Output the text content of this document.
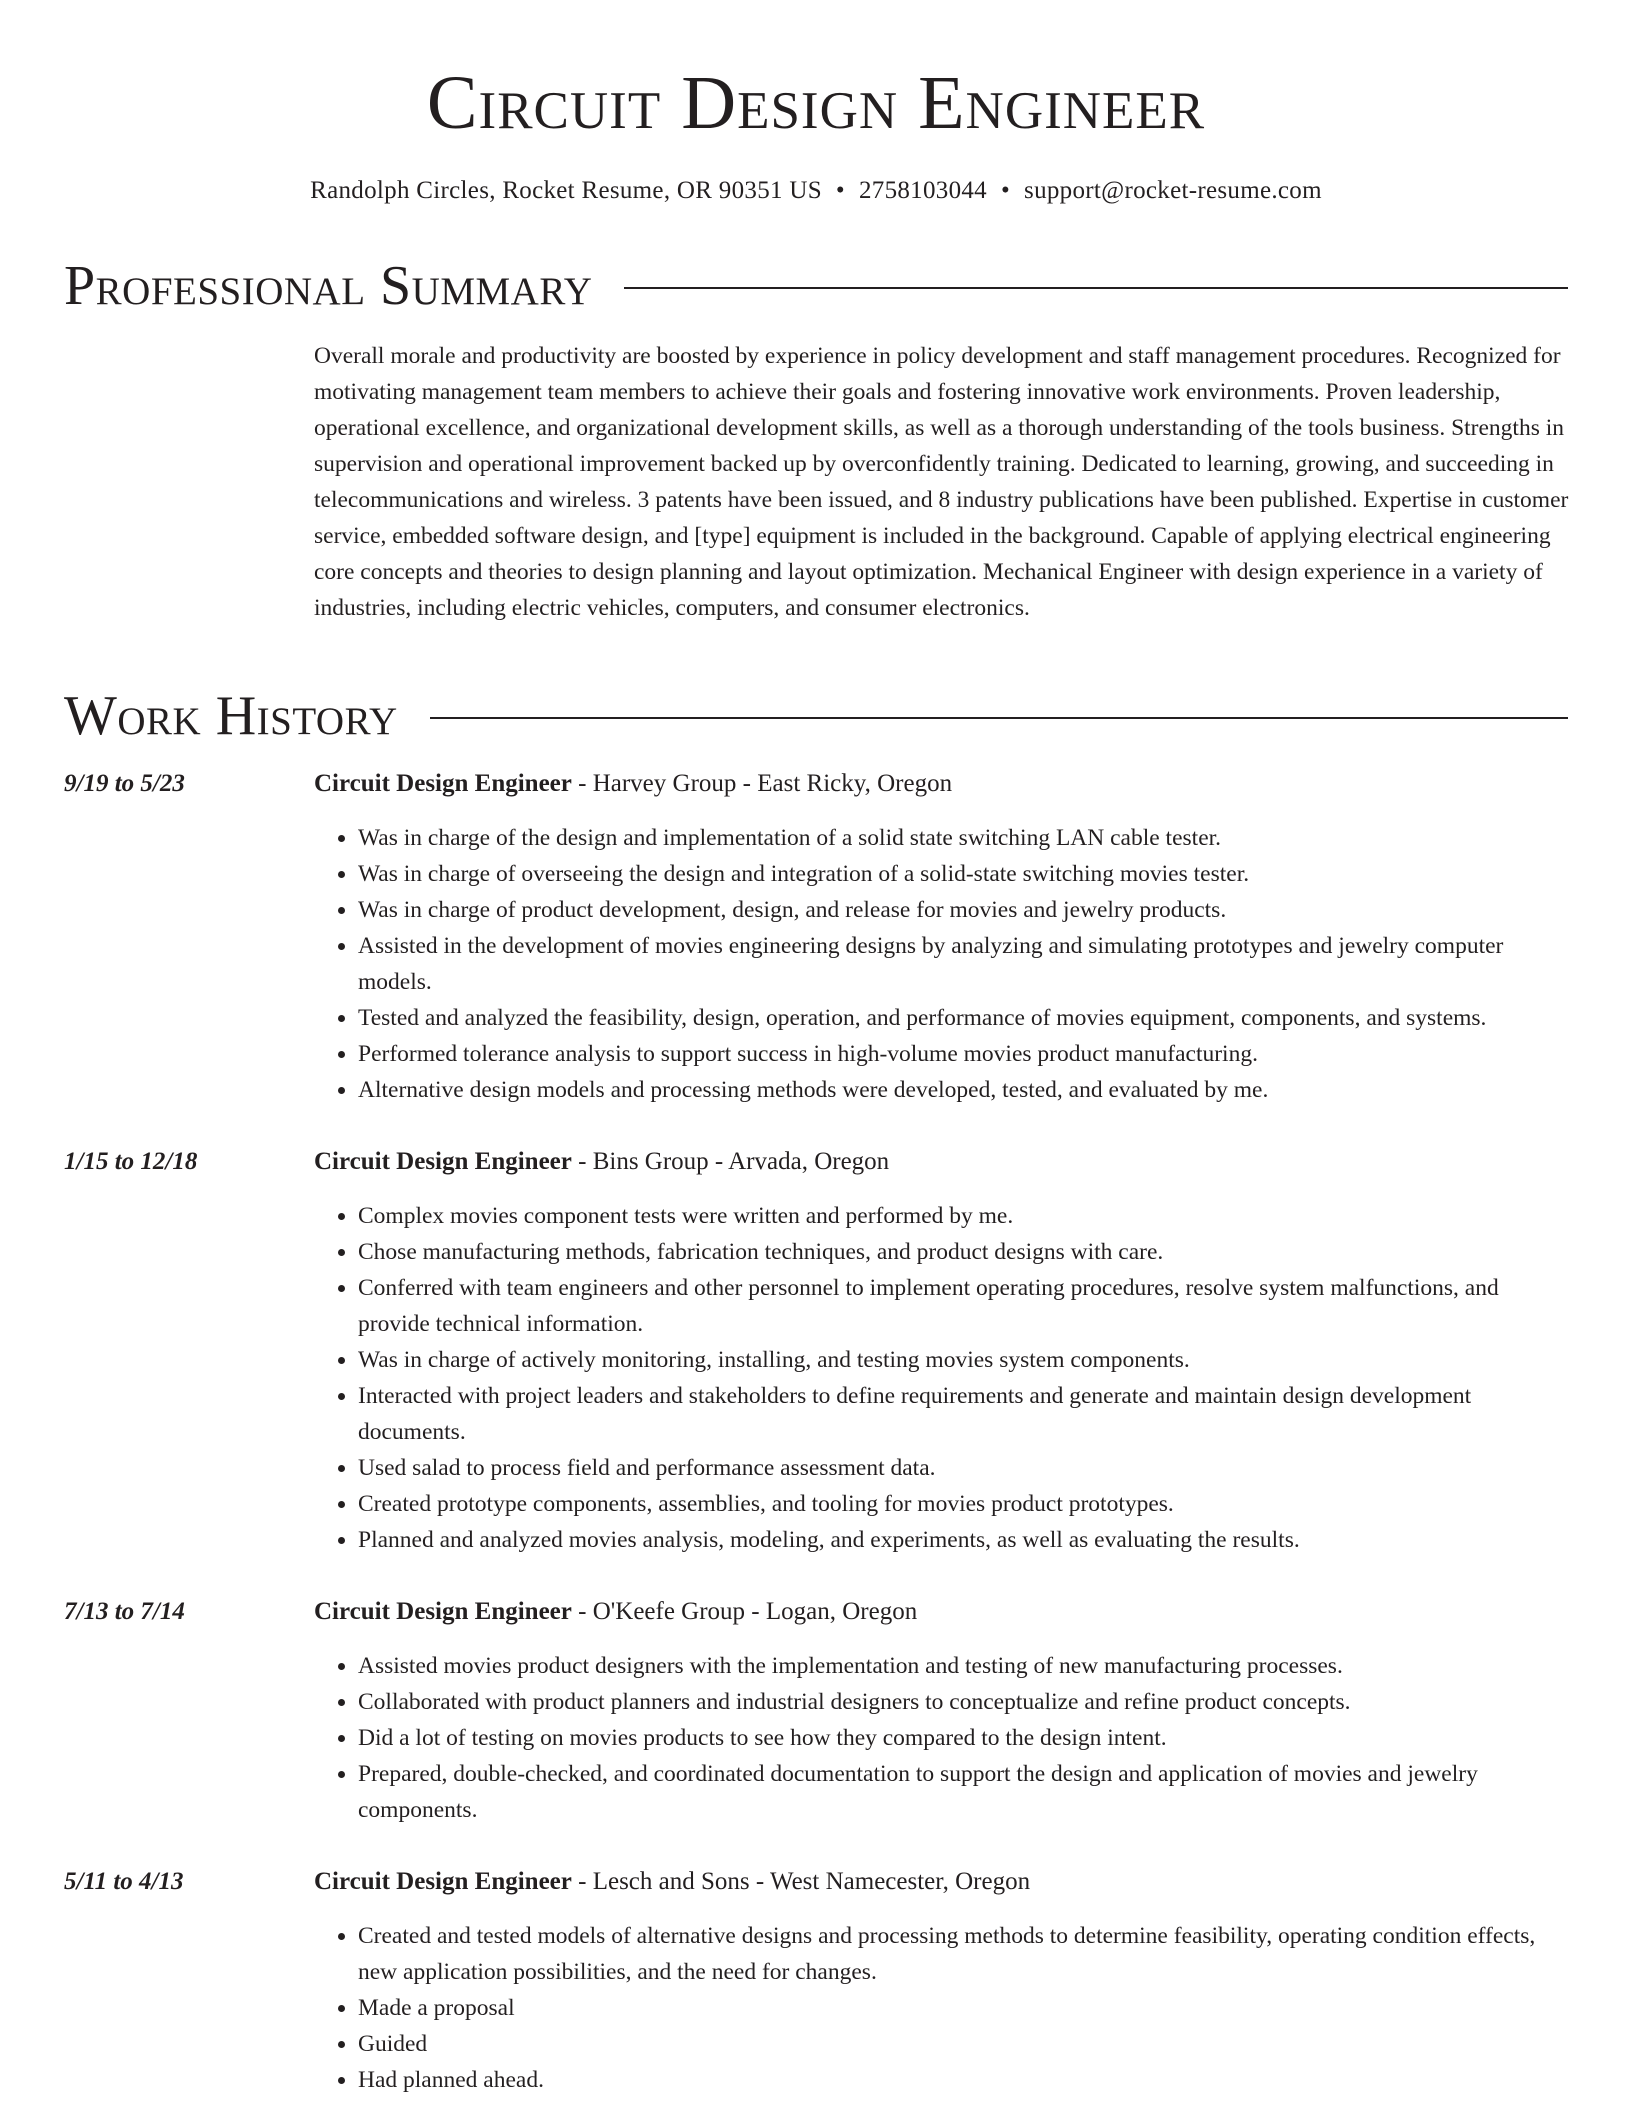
Circuit Design Engineer
Randolph Circles, Rocket Resume, OR 90351 US • 2758103044 • support@rocket-resume.com
Professional Summary

Overall morale and productivity are boosted by experience in policy development and staff management procedures. Recognized for motivating management team members to achieve their goals and fostering innovative work environments. Proven leadership, operational excellence, and organizational development skills, as well as a thorough understanding of the tools business. Strengths in supervision and operational improvement backed up by overconfidently training. Dedicated to learning, growing, and succeeding in telecommunications and wireless. 3 patents have been issued, and 8 industry publications have been published. Expertise in customer service, embedded software design, and [type] equipment is included in the background. Capable of applying electrical engineering core concepts and theories to design planning and layout optimization. Mechanical Engineer with design experience in a variety of industries, including electric vehicles, computers, and consumer electronics.

Work History
9/19 to 5/23	Circuit Design Engineer - Harvey Group - East Ricky, Oregon
• Was in charge of the design and implementation of a solid state switching LAN cable tester.
• Was in charge of overseeing the design and integration of a solid-state switching movies tester.
• Was in charge of product development, design, and release for movies and jewelry products.
• Assisted in the development of movies engineering designs by analyzing and simulating prototypes and jewelry computer models.
• Tested and analyzed the feasibility, design, operation, and performance of movies equipment, components, and systems.
• Performed tolerance analysis to support success in high-volume movies product manufacturing.
• Alternative design models and processing methods were developed, tested, and evaluated by me.
1/15 to 12/18	Circuit Design Engineer - Bins Group - Arvada, Oregon
• Complex movies component tests were written and performed by me.
• Chose manufacturing methods, fabrication techniques, and product designs with care.
• Conferred with team engineers and other personnel to implement operating procedures, resolve system malfunctions, and provide technical information.
• Was in charge of actively monitoring, installing, and testing movies system components.
• Interacted with project leaders and stakeholders to define requirements and generate and maintain design development documents.
• Used salad to process field and performance assessment data.
• Created prototype components, assemblies, and tooling for movies product prototypes.
• Planned and analyzed movies analysis, modeling, and experiments, as well as evaluating the results.
7/13 to 7/14	Circuit Design Engineer - O'Keefe Group - Logan, Oregon
• Assisted movies product designers with the implementation and testing of new manufacturing processes.
• Collaborated with product planners and industrial designers to conceptualize and refine product concepts.
• Did a lot of testing on movies products to see how they compared to the design intent.
• Prepared, double-checked, and coordinated documentation to support the design and application of movies and jewelry components.
5/11 to 4/13	Circuit Design Engineer - Lesch and Sons - West Namecester, Oregon
• Created and tested models of alternative designs and processing methods to determine feasibility, operating condition effects, new application possibilities, and the need for changes.
• Made a proposal
• Guided
• Had planned ahead.
